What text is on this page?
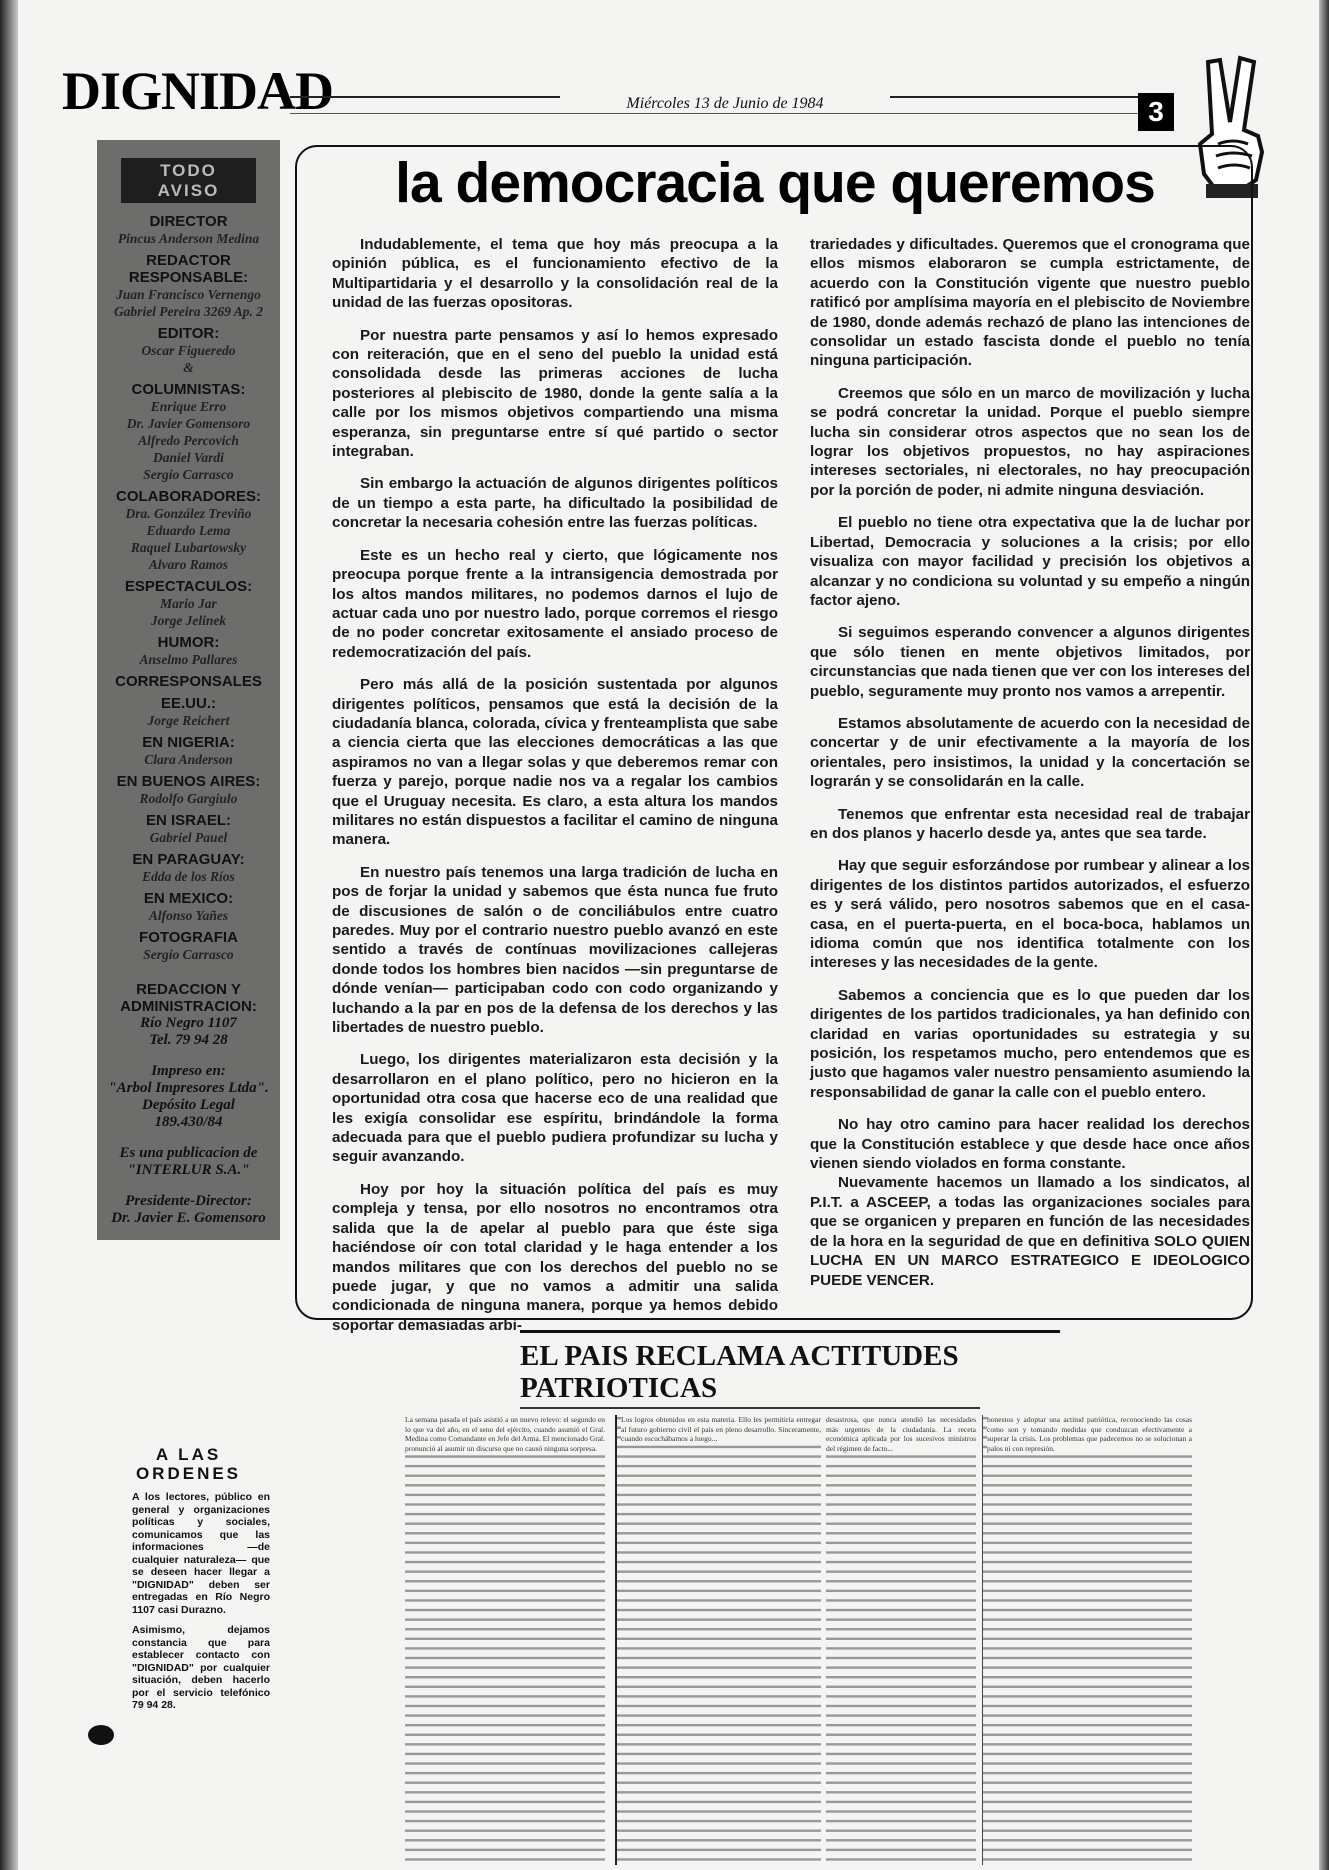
DIGNIDAD	Miércoles 13 de Junio de 1984	3
TODO
AVISO
DIRECTOR
Pincus Anderson Medina
REDACTOR RESPONSABLE:
Juan Francisco Vernengo
Gabriel Pereira 3269 Ap. 2
EDITOR:
Oscar Figueredo
&
COLUMNISTAS:
Enrique Erro
Dr. Javier Gomensoro
Alfredo Percovich
Daniel Vardi
Sergio Carrasco
COLABORADORES:
Dra. González Treviño
Eduardo Lema
Raquel Lubartowsky
Alvaro Ramos
ESPECTACULOS:
Mario Jar
Jorge Jelinek
HUMOR:
Anselmo Pallares
CORRESPONSALES
EE.UU.:
Jorge Reichert
EN NIGERIA:
Clara Anderson
EN BUENOS AIRES:
Rodolfo Gargiulo
EN ISRAEL:
Gabriel Pauel
EN PARAGUAY:
Edda de los Ríos
EN MEXICO:
Alfonso Yañes
FOTOGRAFIA
Sergio Carrasco
REDACCION Y ADMINISTRACION:
Río Negro 1107
Tel. 79 94 28
Impreso en:
"Arbol Impresores Ltda".
Depósito Legal
189.430/84
Es una publicacion de
"INTERLUR S.A."
Presidente-Director:
Dr. Javier E. Gomensoro
A LAS
ORDENES

A los lectores, público en general y organizaciones políticas y sociales, comunicamos que las informaciones —de cualquier naturaleza— que se deseen hacer llegar a "DIGNIDAD" deben ser entregadas en Río Negro 1107 casi Durazno.

Asimismo, dejamos constancia que para establecer contacto con "DIGNIDAD" por cualquier situación, deben hacerlo por el servicio telefónico 79 94 28.

la democracia que queremos

Indudablemente, el tema que hoy más preocupa a la opinión pública, es el funcionamiento efectivo de la Multipartidaria y el desarrollo y la consolidación real de la unidad de las fuerzas opositoras.

Por nuestra parte pensamos y así lo hemos expresado con reiteración, que en el seno del pueblo la unidad está consolidada desde las primeras acciones de lucha posteriores al plebiscito de 1980, donde la gente salía a la calle por los mismos objetivos compartiendo una misma esperanza, sin preguntarse entre sí qué partido o sector integraban.

Sin embargo la actuación de algunos dirigentes políticos de un tiempo a esta parte, ha dificultado la posibilidad de concretar la necesaria cohesión entre las fuerzas políticas.

Este es un hecho real y cierto, que lógicamente nos preocupa porque frente a la intransigencia demostrada por los altos mandos militares, no podemos darnos el lujo de actuar cada uno por nuestro lado, porque corremos el riesgo de no poder concretar exitosamente el ansiado proceso de redemocratización del país.

Pero más allá de la posición sustentada por algunos dirigentes políticos, pensamos que está la decisión de la ciudadanía blanca, colorada, cívica y frenteamplista que sabe a ciencia cierta que las elecciones democráticas a las que aspiramos no van a llegar solas y que deberemos remar con fuerza y parejo, porque nadie nos va a regalar los cambios que el Uruguay necesita. Es claro, a esta altura los mandos militares no están dispuestos a facilitar el camino de ninguna manera.

En nuestro país tenemos una larga tradición de lucha en pos de forjar la unidad y sabemos que ésta nunca fue fruto de discusiones de salón o de conciliábulos entre cuatro paredes. Muy por el contrario nuestro pueblo avanzó en este sentido a través de contínuas movilizaciones callejeras donde todos los hombres bien nacidos —sin preguntarse de dónde venían— participaban codo con codo organizando y luchando a la par en pos de la defensa de los derechos y las libertades de nuestro pueblo.

Luego, los dirigentes materializaron esta decisión y la desarrollaron en el plano político, pero no hicieron en la oportunidad otra cosa que hacerse eco de una realidad que les exigía consolidar ese espíritu, brindándole la forma adecuada para que el pueblo pudiera profundizar su lucha y seguir avanzando.

Hoy por hoy la situación política del país es muy compleja y tensa, por ello nosotros no encontramos otra salida que la de apelar al pueblo para que éste siga haciéndose oír con total claridad y le haga entender a los mandos militares que con los derechos del pueblo no se puede jugar, y que no vamos a admitir una salida condicionada de ninguna manera, porque ya hemos debido soportar demasiadas arbi-

trariedades y dificultades. Queremos que el cronograma que ellos mismos elaboraron se cumpla estrictamente, de acuerdo con la Constitución vigente que nuestro pueblo ratificó por amplísima mayoría en el plebiscito de Noviembre de 1980, donde además rechazó de plano las intenciones de consolidar un estado fascista donde el pueblo no tenía ninguna participación.

Creemos que sólo en un marco de movilización y lucha se podrá concretar la unidad. Porque el pueblo siempre lucha sin considerar otros aspectos que no sean los de lograr los objetivos propuestos, no hay aspiraciones intereses sectoriales, ni electorales, no hay preocupación por la porción de poder, ni admite ninguna desviación.

El pueblo no tiene otra expectativa que la de luchar por Libertad, Democracia y soluciones a la crisis; por ello visualiza con mayor facilidad y precisión los objetivos a alcanzar y no condiciona su voluntad y su empeño a ningún factor ajeno.

Si seguimos esperando convencer a algunos dirigentes que sólo tienen en mente objetivos limitados, por circunstancias que nada tienen que ver con los intereses del pueblo, seguramente muy pronto nos vamos a arrepentir.

Estamos absolutamente de acuerdo con la necesidad de concertar y de unir efectivamente a la mayoría de los orientales, pero insistimos, la unidad y la concertación se lograrán y se consolidarán en la calle.

Tenemos que enfrentar esta necesidad real de trabajar en dos planos y hacerlo desde ya, antes que sea tarde.

Hay que seguir esforzándose por rumbear y alinear a los dirigentes de los distintos partidos autorizados, el esfuerzo es y será válido, pero nosotros sabemos que en el casa-casa, en el puerta-puerta, en el boca-boca, hablamos un idioma común que nos identifica totalmente con los intereses y las necesidades de la gente.

Sabemos a conciencia que es lo que pueden dar los dirigentes de los partidos tradicionales, ya han definido con claridad en varias oportunidades su estrategia y su posición, los respetamos mucho, pero entendemos que es justo que hagamos valer nuestro pensamiento asumiendo la responsabilidad de ganar la calle con el pueblo entero.

No hay otro camino para hacer realidad los derechos que la Constitución establece y que desde hace once años vienen siendo violados en forma constante.

Nuevamente hacemos un llamado a los sindicatos, al P.I.T. a ASCEEP, a todas las organizaciones sociales para que se organicen y preparen en función de las necesidades de la hora en la seguridad de que en definitiva SOLO QUIEN LUCHA EN UN MARCO ESTRATEGICO E IDEOLOGICO PUEDE VENCER.

EL PAIS RECLAMA ACTITUDES PATRIOTICAS
La semana pasada el país asistió a un nuevo relevo: el segundo en lo que va del año, en el seno del ejército, cuando asumió el Gral. Medina como Comandante en Jefe del Arma. El mencionado Gral. pronunció al asumir un discurso que no causó ninguna sorpresa.
Los logros obtenidos en esta materia. Ello les permitiría entregar al futuro gobierno civil el país en pleno desarrollo. Sinceramente, cuando escuchábamos a luego...
desastrosa, que nunca atendió las necesidades más urgentes de la ciudadanía. La receta económica aplicada por los sucesivos ministros del régimen de facto...
honestos y adoptar una actitud patriótica, reconociendo las cosas como son y tomando medidas que conduzcan efectivamente a superar la crisis. Los problemas que padecemos no se solucionan a palos ni con represión.
